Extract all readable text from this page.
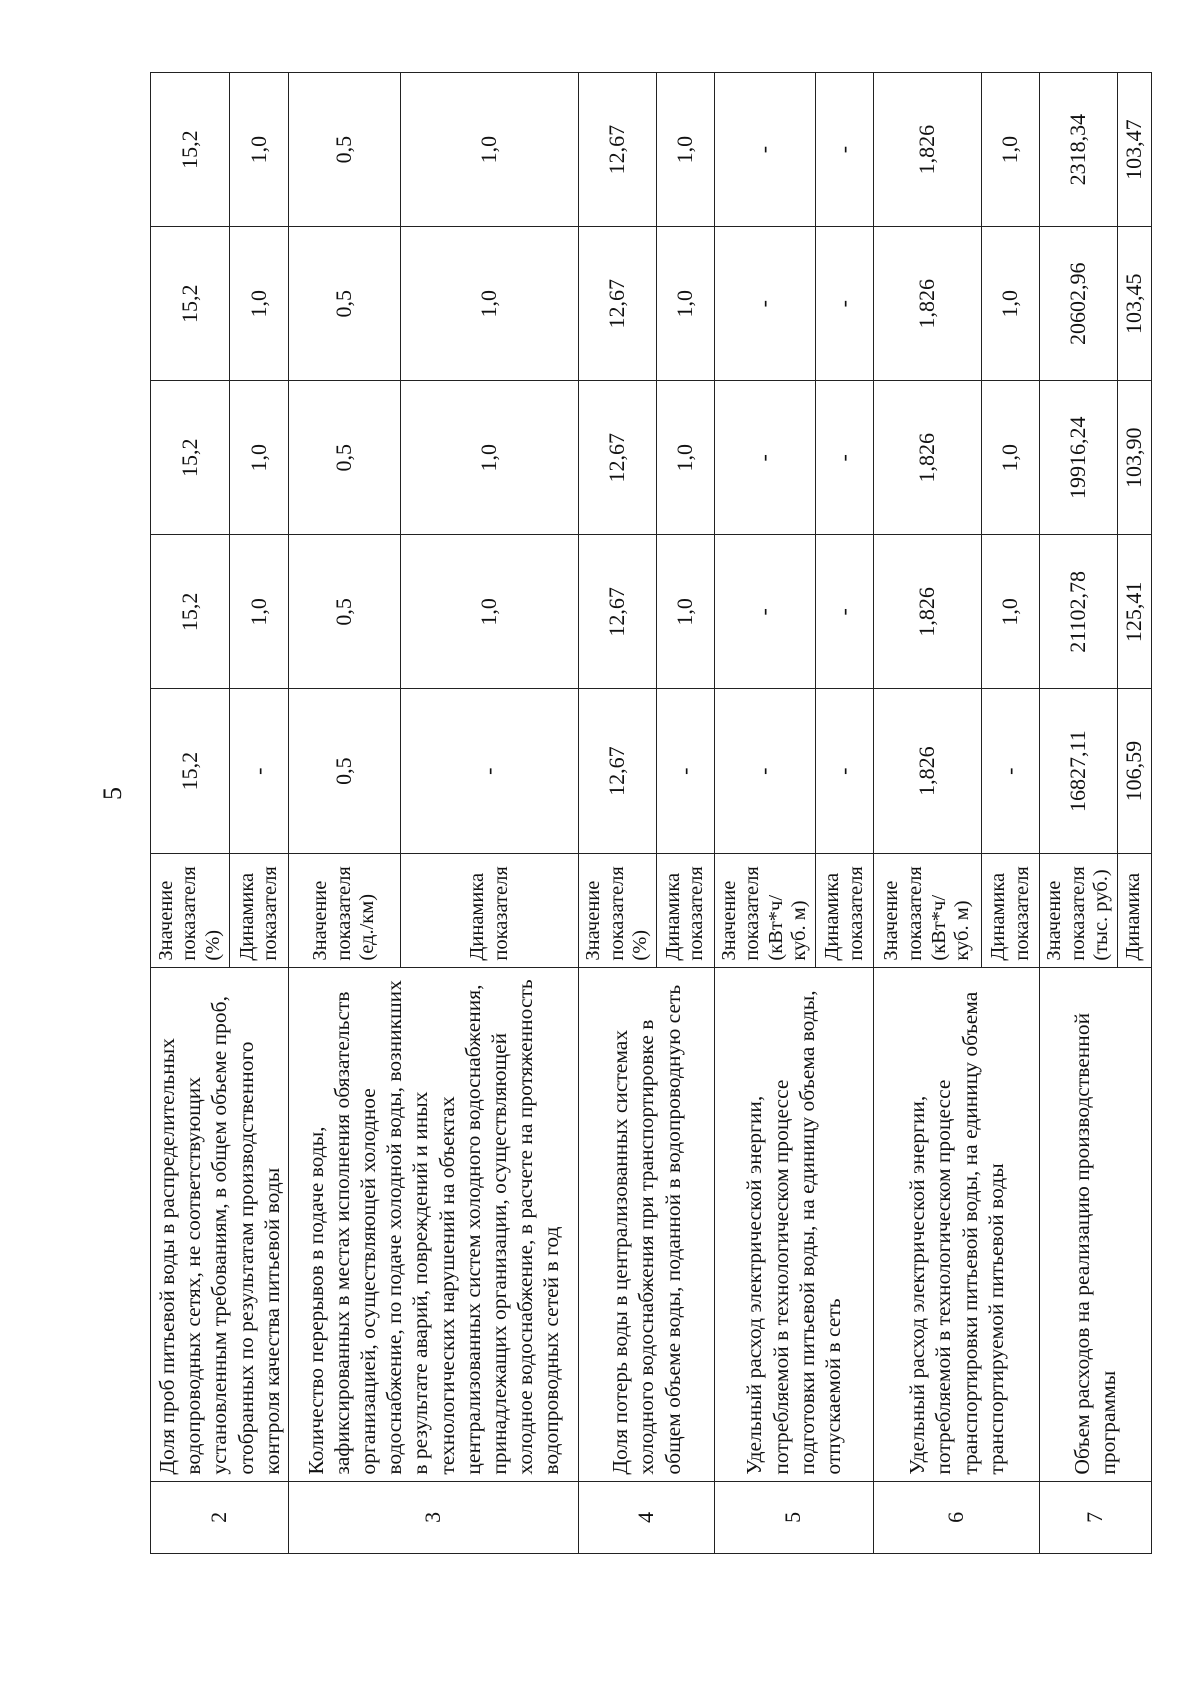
5
2	Доля проб питьевой воды в распределительных водопроводных сетях, не соответствующих установленным требованиям, в общем объеме проб, отобранных по результатам производственного контроля качества питьевой воды	Значение показателя (%)	15,2	15,2	15,2	15,2	15,2
		Динамика показателя	-	1,0	1,0	1,0	1,0
3	Количество перерывов в подаче воды, зафиксированных в местах исполнения обязательств организацией, осуществляющей холодное водоснабжение, по подаче холодной воды, возникших в результате аварий, повреждений и иных технологических нарушений на объектах централизованных систем холодного водоснабжения, принадлежащих организации, осуществляющей холодное водоснабжение, в расчете на протяженность водопроводных сетей в год	Значение показателя (ед./км)	0,5	0,5	0,5	0,5	0,5
		Динамика показателя	-	1,0	1,0	1,0	1,0
4	Доля потерь воды в централизованных системах холодного водоснабжения при транспортировке в общем объеме воды, поданной в водопроводную сеть	Значение показателя (%)	12,67	12,67	12,67	12,67	12,67
		Динамика показателя	-	1,0	1,0	1,0	1,0
5	Удельный расход электрической энергии, потребляемой в технологическом процессе подготовки питьевой воды, на единицу объема воды, отпускаемой в сеть	Значение показателя (кВт*ч/куб. м)	-	-	-	-	-
		Динамика показателя	-	-	-	-	-
6	Удельный расход электрической энергии, потребляемой в технологическом процессе транспортировки питьевой воды, на единицу объема транспортируемой питьевой воды	Значение показателя (кВт*ч/куб. м)	1,826	1,826	1,826	1,826	1,826
		Динамика показателя	-	1,0	1,0	1,0	1,0
7	Объем расходов на реализацию производственной программы	Значение показателя (тыс. руб.)	16827,11	21102,78	19916,24	20602,96	2318,34
		Динамика	106,59	125,41	103,90	103,45	103,47
